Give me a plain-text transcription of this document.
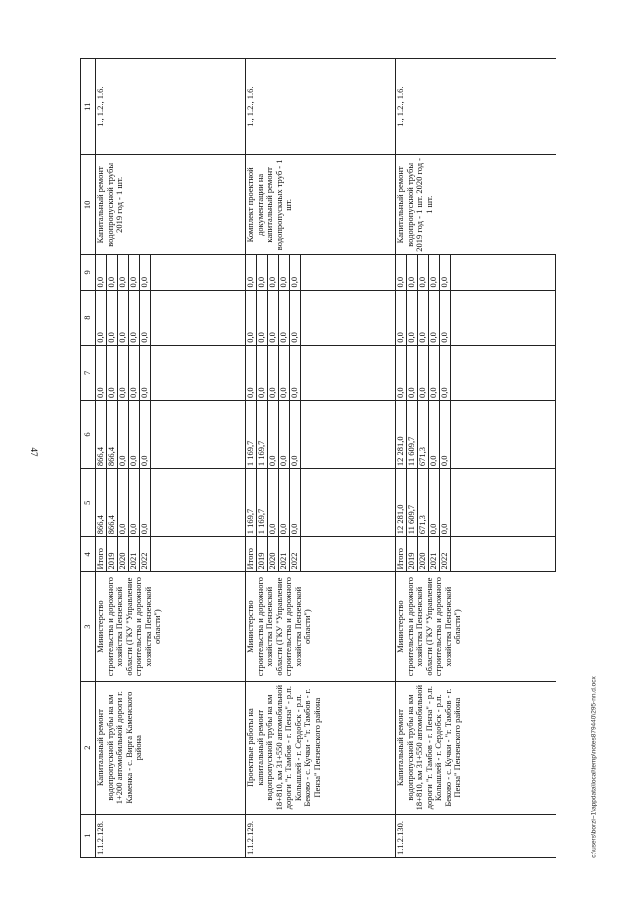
47
c:\users\borzi~1\appdata\local\temp\notes879440\295-nn.d.ocx
1	2	3	4	5	6	7	8	9	10	11
1.1.2.128.	Капитальный ремонт водопропускной трубы на км 1+200 автомобильной дороги г. Каменка - с. Вирга Каменского района	Министерство строительства и дорожного хозяйства Пензенской области (ГКУ "Управление строительства и дорожного хозяйства Пензенской области")	Итого	866,4	866,4	0,0	0,0	0,0	Капитальный ремонт водопропускной трубы 2019 год - 1 шт.	1., 1.2., 1.6.
			2019	866,4	866,4	0,0	0,0	0,0		
			2020	0,0	0,0	0,0	0,0	0,0		
			2021	0,0	0,0	0,0	0,0	0,0		
			2022	0,0	0,0	0,0	0,0	0,0		

1.1.2.129.	Проектные работы на капитальный ремонт водопропускной трубы на км 18+810, км 31+550 автомобильной дороги "г. Тамбов - г. Пенза" - р.п. Колышлей - г. Сердобск - р.п. Беково - с. Кучки - "г. Тамбов - г. Пенза" Пензенского района	Министерство строительства и дорожного хозяйства Пензенской области (ГКУ "Управление строительства и дорожного хозяйства Пензенской области")	Итого	1 169,7	1 169,7	0,0	0,0	0,0	Комплект проектной документации на капитальный ремонт водопропускных труб - 1 шт.	1., 1.2., 1.6.
			2019	1 169,7	1 169,7	0,0	0,0	0,0		
			2020	0,0	0,0	0,0	0,0	0,0		
			2021	0,0	0,0	0,0	0,0	0,0		
			2022	0,0	0,0	0,0	0,0	0,0		

1.1.2.130.	Капитальный ремонт водопропускной трубы на км 18+810, км 31+550 автомобильной дороги "г. Тамбов - г. Пенза" - р.п. Колышлей - г. Сердобск - р.п. Беково - с. Кучки - "г. Тамбов - г. Пенза" Пензенского района	Министерство строительства и дорожного хозяйства Пензенской области (ГКУ "Управление строительства и дорожного хозяйства Пензенской области")	Итого	12 281,0	12 281,0	0,0	0,0	0,0	Капитальный ремонт водопропускной трубы 2019 год - 1 шт. 2020 год - 1 шт.	1., 1.2., 1.6.
			2019	11 609,7	11 609,7	0,0	0,0	0,0		
			2020	671,3	671,3	0,0	0,0	0,0		
			2021	0,0	0,0	0,0	0,0	0,0		
			2022	0,0	0,0	0,0	0,0	0,0		
